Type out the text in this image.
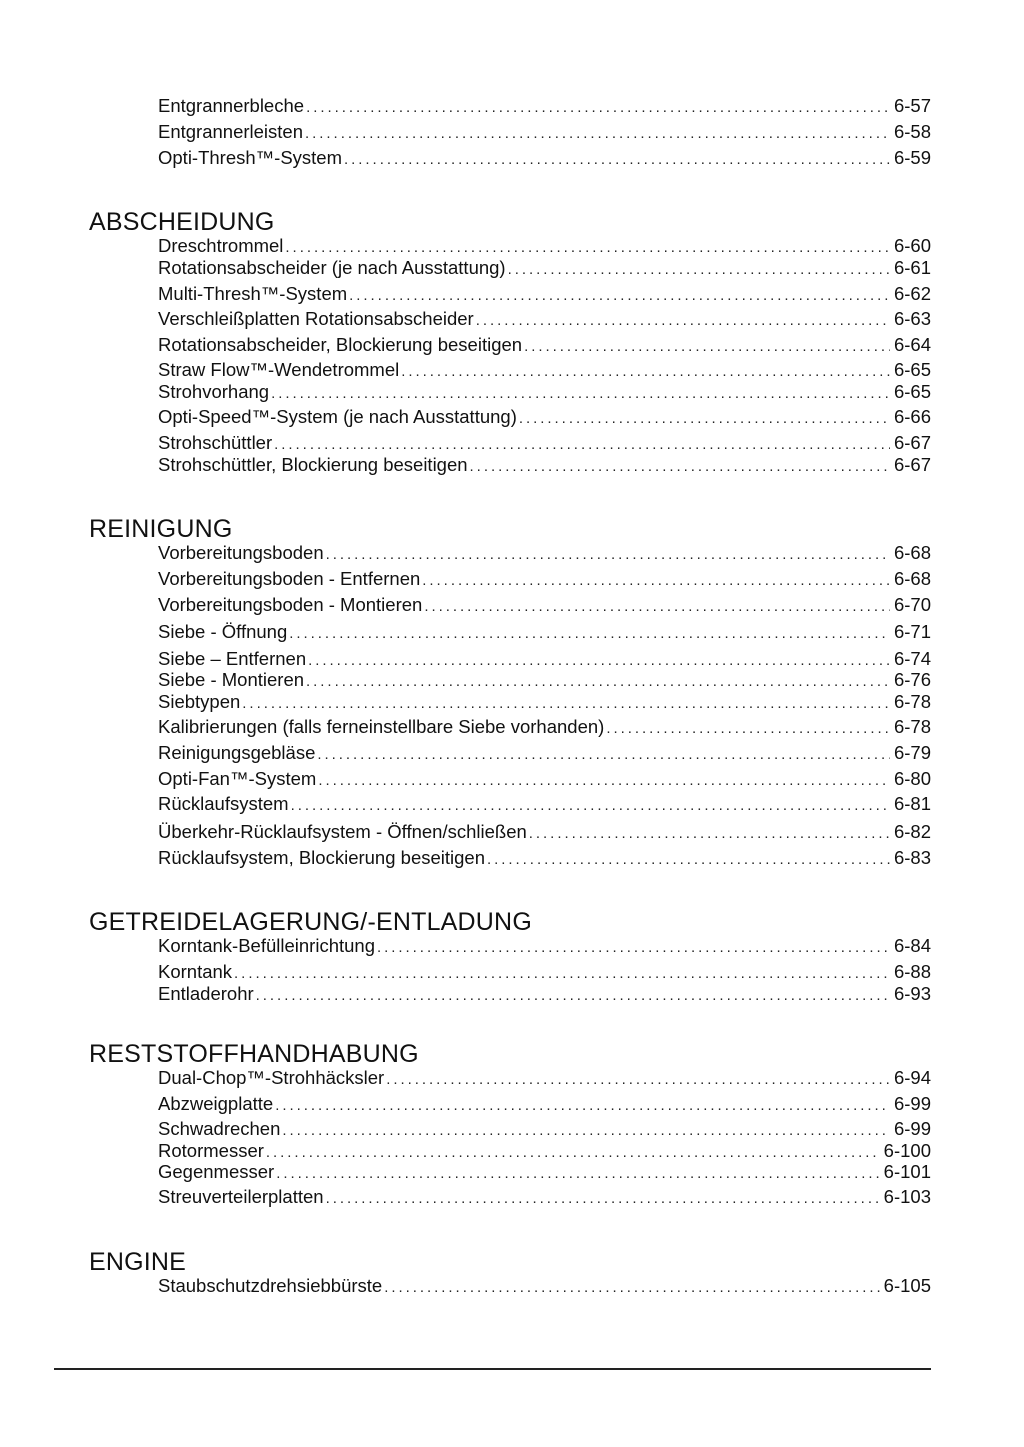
Entgrannerbleche . . .	6-57
Entgrannerleisten . . .	6-58
Opti-Thresh™-System . . .	6-59
ABSCHEIDUNG
Dreschtrommel . . .	6-60
Rotationsabscheider (je nach Ausstattung) . . .	6-61
Multi-Thresh™-System . . .	6-62
Verschleißplatten Rotationsabscheider . . .	6-63
Rotationsabscheider, Blockierung beseitigen . . .	6-64
Straw Flow™-Wendetrommel . . .	6-65
Strohvorhang . . .	6-65
Opti-Speed™-System (je nach Ausstattung) . . .	6-66
Strohschüttler . . .	6-67
Strohschüttler, Blockierung beseitigen . . .	6-67
REINIGUNG
Vorbereitungsboden . . .	6-68
Vorbereitungsboden - Entfernen . . .	6-68
Vorbereitungsboden - Montieren . . .	6-70
Siebe - Öffnung . . .	6-71
Siebe – Entfernen . . .	6-74
Siebe - Montieren . . .	6-76
Siebtypen . . .	6-78
Kalibrierungen (falls ferneinstellbare Siebe vorhanden) . . .	6-78
Reinigungsgebläse . . .	6-79
Opti-Fan™-System . . .	6-80
Rücklaufsystem . . .	6-81
Überkehr-Rücklaufsystem - Öffnen/schließen . . .	6-82
Rücklaufsystem, Blockierung beseitigen . . .	6-83
GETREIDELAGERUNG/-ENTLADUNG
Korntank-Befülleinrichtung . . .	6-84
Korntank . . .	6-88
Entladerohr . . .	6-93
RESTSTOFFHANDHABUNG
Dual-Chop™-Strohhäcksler . . .	6-94
Abzweigplatte . . .	6-99
Schwadrechen . . .	6-99
Rotormesser . . .	6-100
Gegenmesser . . .	6-101
Streuverteilerplatten . . .	6-103
ENGINE
Staubschutzdrehsiebbürste . . .	6-105
